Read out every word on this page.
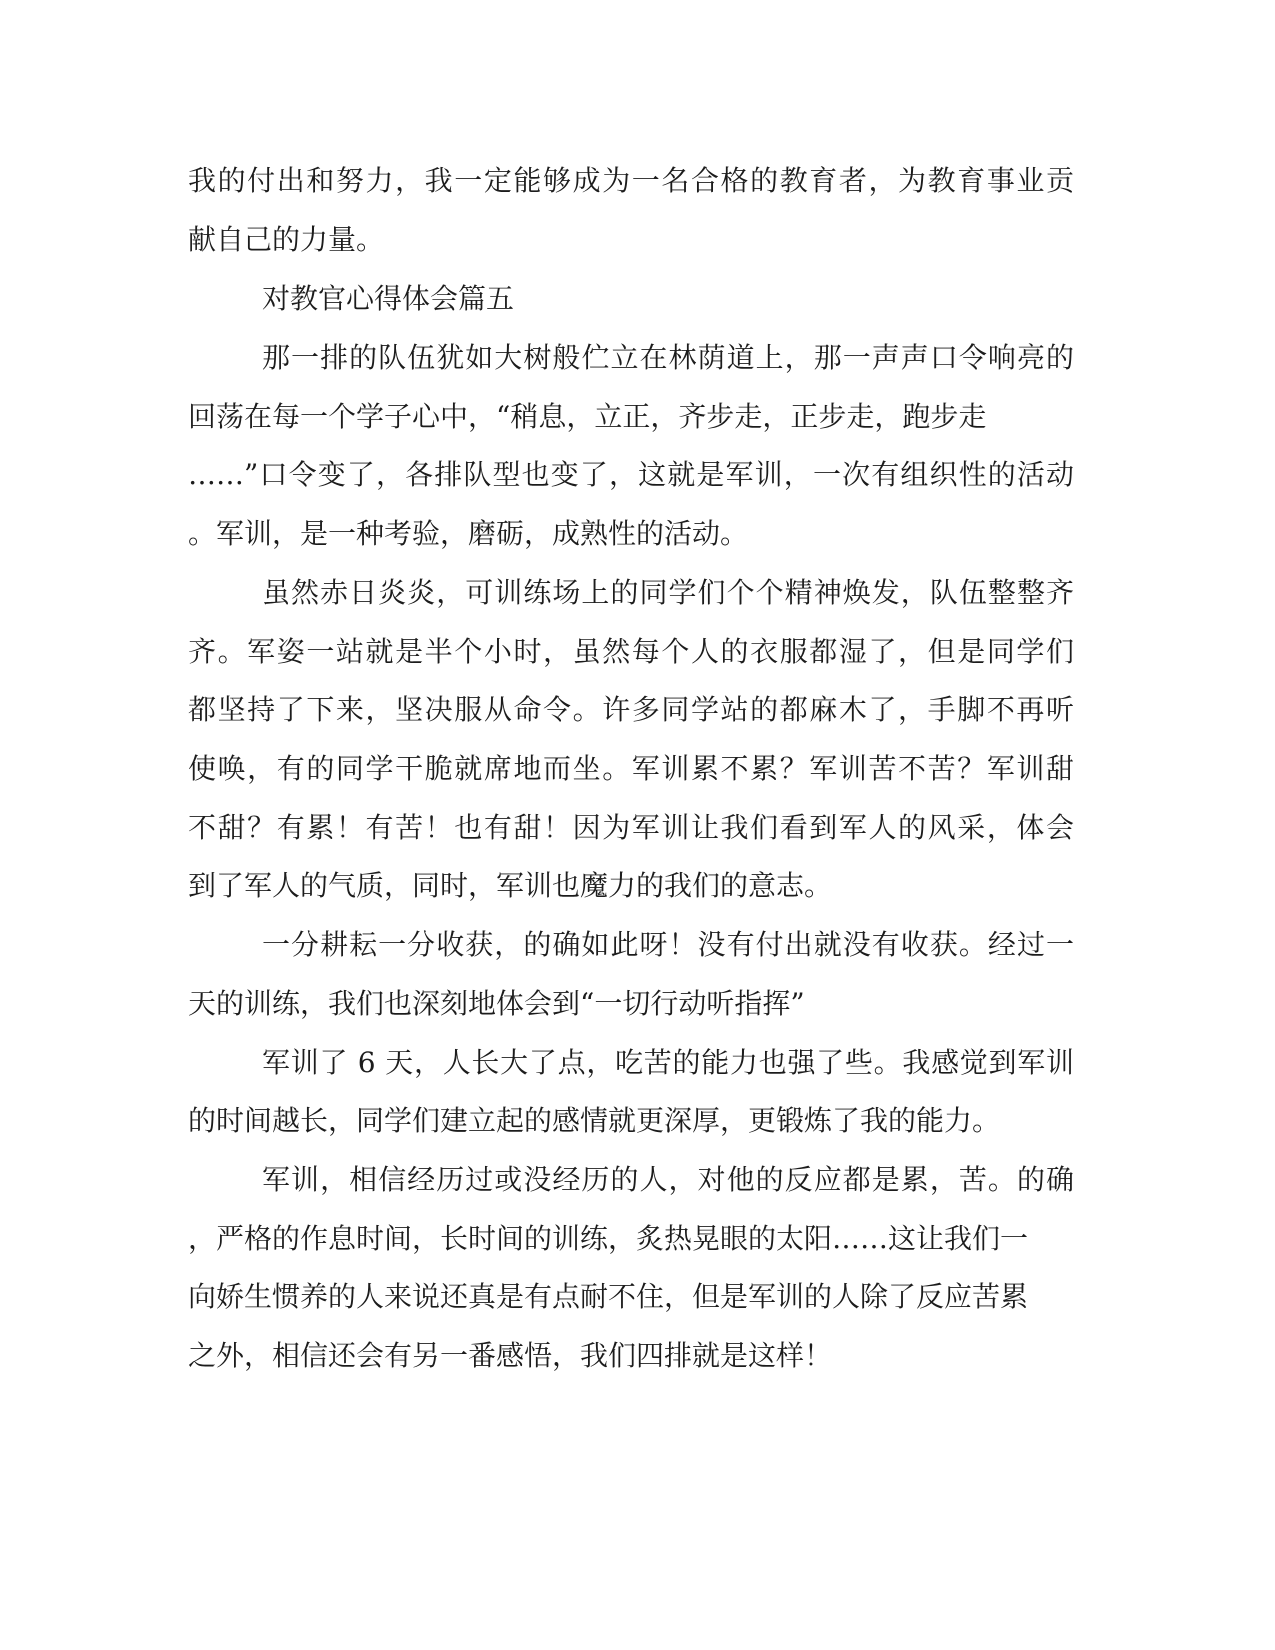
我的付出和努力，我一定能够成为一名合格的教育者，为教育事业贡
献自己的力量。
对教官心得体会篇五
那一排的队伍犹如大树般伫立在林荫道上，那一声声口令响亮的
回荡在每一个学子心中，“稍息，立正，齐步走，正步走，跑步走
……”口令变了，各排队型也变了，这就是军训，一次有组织性的活动
。军训，是一种考验，磨砺，成熟性的活动。
虽然赤日炎炎，可训练场上的同学们个个精神焕发，队伍整整齐
齐。军姿一站就是半个小时，虽然每个人的衣服都湿了，但是同学们
都坚持了下来，坚决服从命令。许多同学站的都麻木了，手脚不再听
使唤，有的同学干脆就席地而坐。军训累不累？军训苦不苦？军训甜
不甜？有累！有苦！也有甜！因为军训让我们看到军人的风采，体会
到了军人的气质，同时，军训也魔力的我们的意志。
一分耕耘一分收获，的确如此呀！没有付出就没有收获。经过一
天的训练，我们也深刻地体会到“一切行动听指挥”
军训了 6 天，人长大了点，吃苦的能力也强了些。我感觉到军训
的时间越长，同学们建立起的感情就更深厚，更锻炼了我的能力。
军训，相信经历过或没经历的人，对他的反应都是累，苦。的确
，严格的作息时间，长时间的训练，炙热晃眼的太阳……这让我们一
向娇生惯养的人来说还真是有点耐不住，但是军训的人除了反应苦累
之外，相信还会有另一番感悟，我们四排就是这样！
